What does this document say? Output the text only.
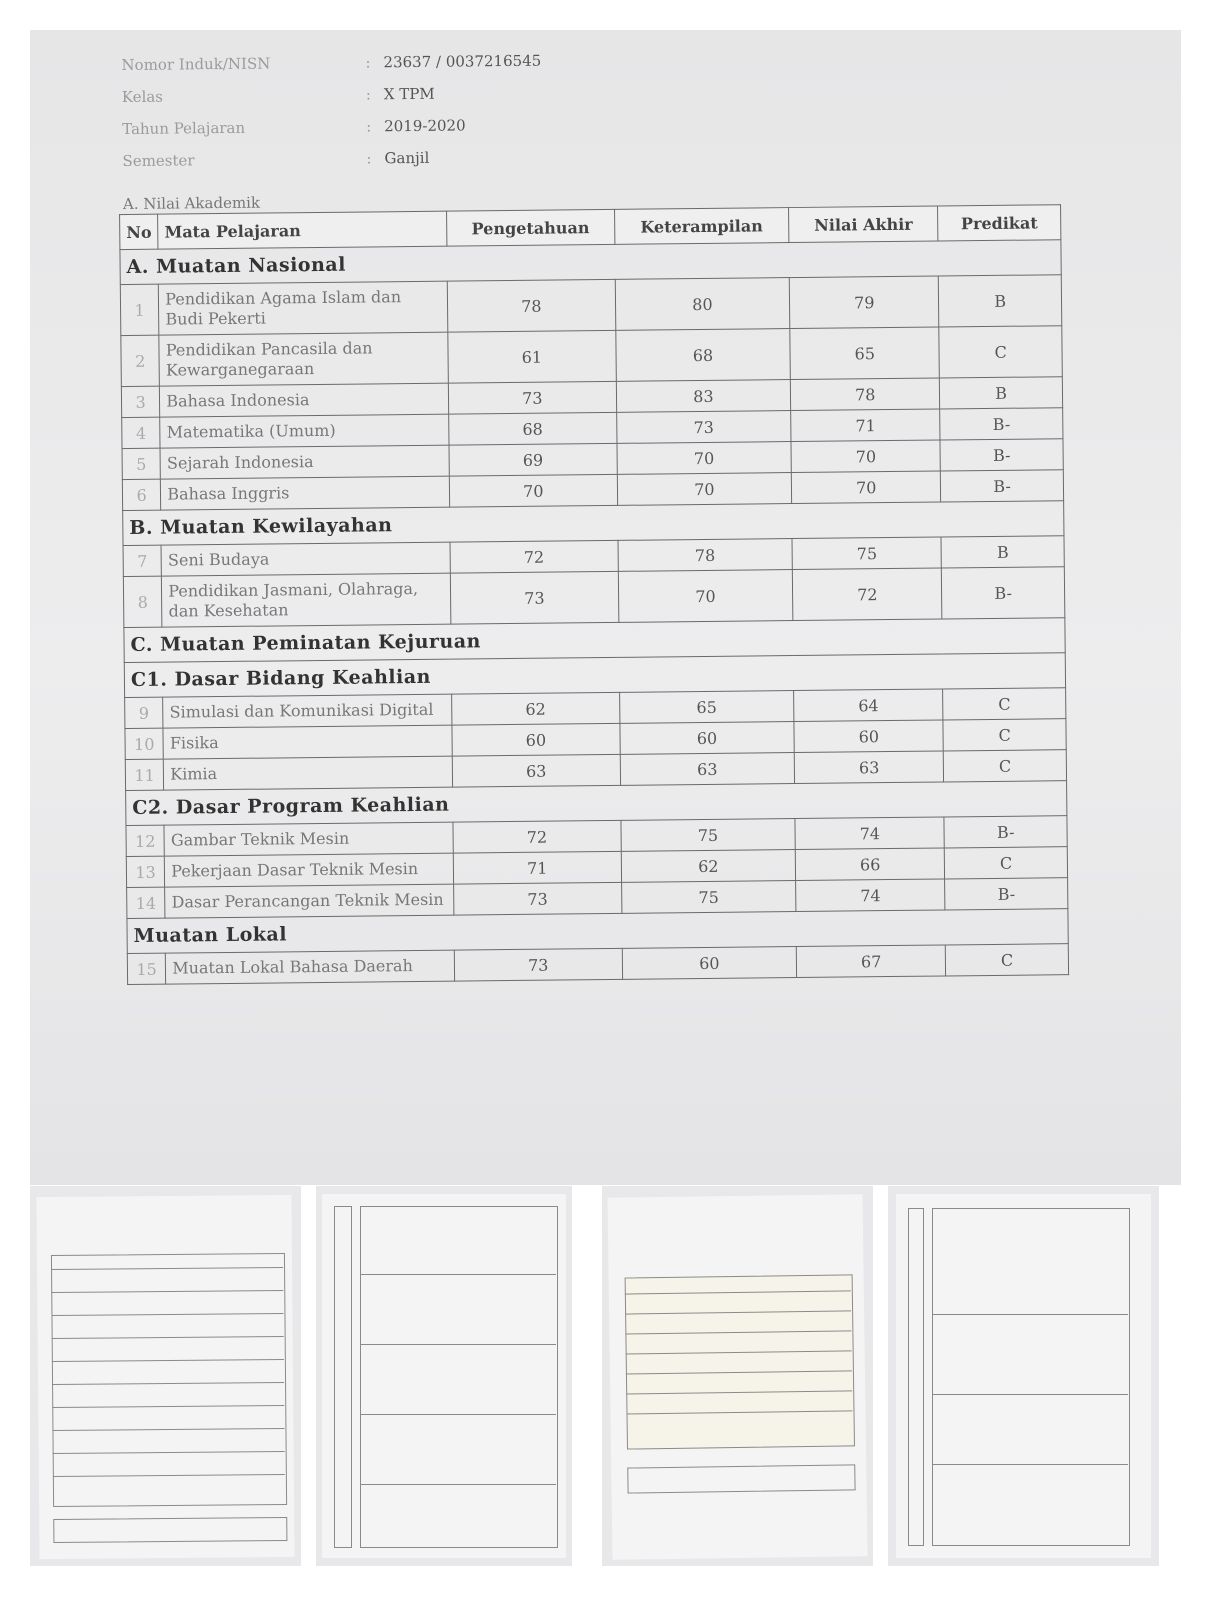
Nomor Induk/NISN	: 23637 / 0037216545
Kelas	: X TPM
Tahun Pelajaran	: 2019-2020
Semester	: Ganjil
A. Nilai Akademik
No	Mata Pelajaran	Pengetahuan	Keterampilan	Nilai Akhir	Predikat
A. Muatan Nasional					
1	Pendidikan Agama Islam dan Budi Pekerti	78	80	79	B
2	Pendidikan Pancasila dan Kewarganegaraan	61	68	65	C
3	Bahasa Indonesia	73	83	78	B
4	Matematika (Umum)	68	73	71	B-
5	Sejarah Indonesia	69	70	70	B-
6	Bahasa Inggris	70	70	70	B-
B. Muatan Kewilayahan					
7	Seni Budaya	72	78	75	B
8	Pendidikan Jasmani, Olahraga, dan Kesehatan	73	70	72	B-
C. Muatan Peminatan Kejuruan					
C1. Dasar Bidang Keahlian					
9	Simulasi dan Komunikasi Digital	62	65	64	C
10	Fisika	60	60	60	C
11	Kimia	63	63	63	C
C2. Dasar Program Keahlian					
12	Gambar Teknik Mesin	72	75	74	B-
13	Pekerjaan Dasar Teknik Mesin	71	62	66	C
14	Dasar Perancangan Teknik Mesin	73	75	74	B-
Muatan Lokal					
15	Muatan Lokal Bahasa Daerah	73	60	67	C
